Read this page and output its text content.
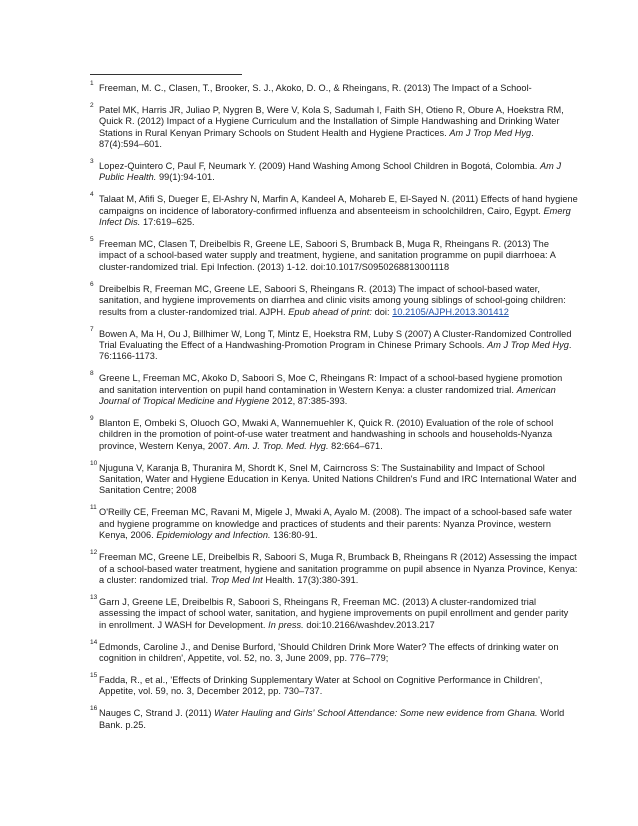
1 Freeman, M. C., Clasen, T., Brooker, S. J., Akoko, D. O., & Rheingans, R. (2013) The Impact of a School-
2 Patel MK, Harris JR, Juliao P, Nygren B, Were V, Kola S, Sadumah I, Faith SH, Otieno R, Obure A, Hoekstra RM, Quick R. (2012) Impact of a Hygiene Curriculum and the Installation of Simple Handwashing and Drinking Water Stations in Rural Kenyan Primary Schools on Student Health and Hygiene Practices. Am J Trop Med Hyg. 87(4):594–601.
3 Lopez-Quintero C, Paul F, Neumark Y. (2009) Hand Washing Among School Children in Bogotá, Colombia. Am J Public Health. 99(1):94-101.
4 Talaat M, Afifi S, Dueger E, El-Ashry N, Marfin A, Kandeel A, Mohareb E, El-Sayed N. (2011) Effects of hand hygiene campaigns on incidence of laboratory-confirmed influenza and absenteeism in schoolchildren, Cairo, Egypt. Emerg Infect Dis. 17:619–625.
5 Freeman MC, Clasen T, Dreibelbis R, Greene LE, Saboori S, Brumback B, Muga R, Rheingans R. (2013) The impact of a school-based water supply and treatment, hygiene, and sanitation programme on pupil diarrhoea: A cluster-randomized trial. Epi Infection. (2013) 1-12. doi:10.1017/S0950268813001118
6 Dreibelbis R, Freeman MC, Greene LE, Saboori S, Rheingans R. (2013) The impact of school-based water, sanitation, and hygiene improvements on diarrhea and clinic visits among young siblings of school-going children: results from a cluster-randomized trial. AJPH. Epub ahead of print: doi: 10.2105/AJPH.2013.301412
7 Bowen A, Ma H, Ou J, Billhimer W, Long T, Mintz E, Hoekstra RM, Luby S (2007) A Cluster-Randomized Controlled Trial Evaluating the Effect of a Handwashing-Promotion Program in Chinese Primary Schools. Am J Trop Med Hyg. 76:1166-1173.
8 Greene L, Freeman MC, Akoko D, Saboori S, Moe C, Rheingans R: Impact of a school-based hygiene promotion and sanitation intervention on pupil hand contamination in Western Kenya: a cluster randomized trial. American Journal of Tropical Medicine and Hygiene 2012, 87:385-393.
9 Blanton E, Ombeki S, Oluoch GO, Mwaki A, Wannemuehler K, Quick R. (2010) Evaluation of the role of school children in the promotion of point-of-use water treatment and handwashing in schools and households-Nyanza province, Western Kenya, 2007. Am. J. Trop. Med. Hyg. 82:664–671.
10 Njuguna V, Karanja B, Thuranira M, Shordt K, Snel M, Cairncross S: The Sustainability and Impact of School Sanitation, Water and Hygiene Education in Kenya. United Nations Children's Fund and IRC International Water and Sanitation Centre; 2008
11 O'Reilly CE, Freeman MC, Ravani M, Migele J, Mwaki A, Ayalo M. (2008). The impact of a school-based safe water and hygiene programme on knowledge and practices of students and their parents: Nyanza Province, western Kenya, 2006. Epidemiology and Infection. 136:80-91.
12 Freeman MC, Greene LE, Dreibelbis R, Saboori S, Muga R, Brumback B, Rheingans R (2012) Assessing the impact of a school-based water treatment, hygiene and sanitation programme on pupil absence in Nyanza Province, Kenya: a cluster: randomized trial. Trop Med Int Health. 17(3):380-391.
13 Garn J, Greene LE, Dreibelbis R, Saboori S, Rheingans R, Freeman MC. (2013) A cluster-randomized trial assessing the impact of school water, sanitation, and hygiene improvements on pupil enrollment and gender parity in enrollment. J WASH for Development. In press. doi:10.2166/washdev.2013.217
14 Edmonds, Caroline J., and Denise Burford, 'Should Children Drink More Water? The effects of drinking water on cognition in children', Appetite, vol. 52, no. 3, June 2009, pp. 776–779;
15 Fadda, R., et al., 'Effects of Drinking Supplementary Water at School on Cognitive Performance in Children', Appetite, vol. 59, no. 3, December 2012, pp. 730–737.
16 Nauges C, Strand J. (2011) Water Hauling and Girls' School Attendance: Some new evidence from Ghana. World Bank. p.25.
